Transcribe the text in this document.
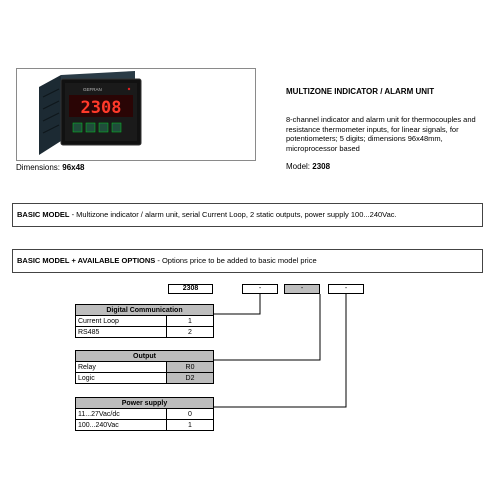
GEFRAN
2308
Dimensions: 96x48
MULTIZONE INDICATOR / ALARM UNIT
8-channel indicator and alarm unit for thermocouples and resistance thermometer inputs, for linear signals, for potentiometers; 5 digits; dimensions 96x48mm, microprocessor based
Model: 2308
BASIC MODEL - Multizone indicator / alarm unit, serial Current Loop, 2 static outputs, power supply 100...240Vac.
BASIC MODEL + AVAILABLE OPTIONS - Options price to be added to basic model price
2308	-	-	-
Digital Communication	
Current Loop	1
RS485	2
Output	
Relay	R0
Logic	D2
Power supply	
11...27Vac/dc	0
100...240Vac	1
